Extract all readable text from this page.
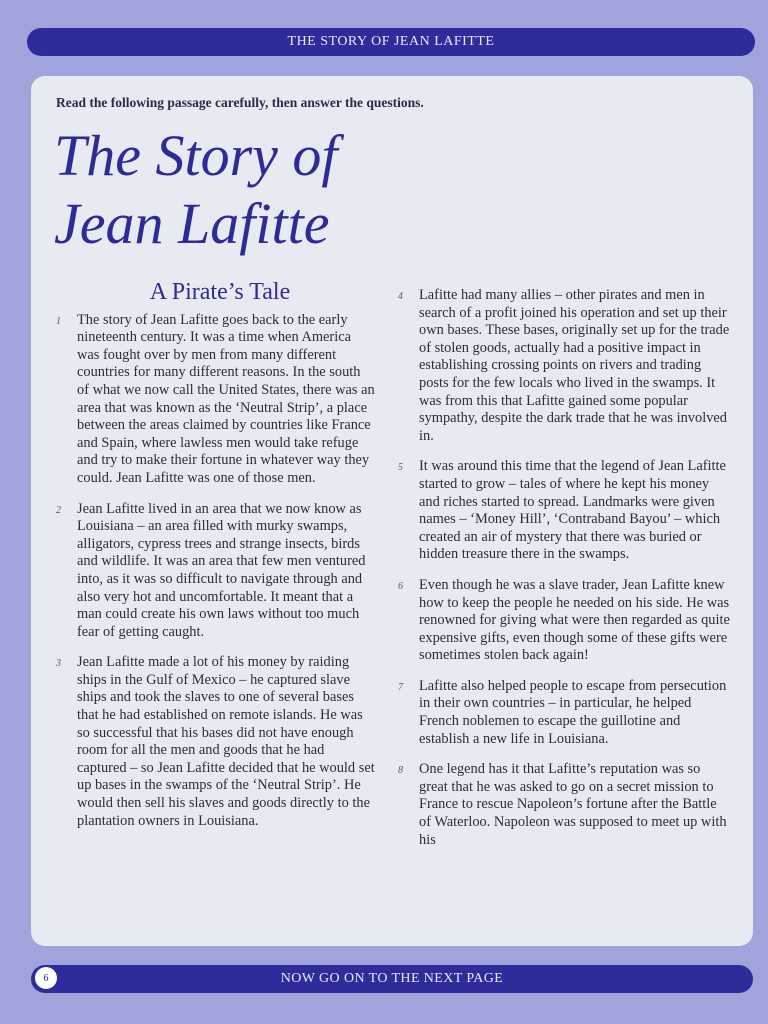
THE STORY OF JEAN LAFITTE
Read the following passage carefully, then answer the questions.
The Story of
Jean Lafitte
A Pirate’s Tale

1	The story of Jean Lafitte goes back to the early nineteenth century. It was a time when America was fought over by men from many different countries for many different reasons. In the south of what we now call the United States, there was an area that was known as the ‘Neutral Strip’, a place between the areas claimed by countries like France and Spain, where lawless men would take refuge and try to make their fortune in whatever way they could. Jean Lafitte was one of those men.

2	Jean Lafitte lived in an area that we now know as Louisiana – an area filled with murky swamps, alligators, cypress trees and strange insects, birds and wildlife. It was an area that few men ventured into, as it was so difficult to navigate through and also very hot and uncomfortable. It meant that a man could create his own laws without too much fear of getting caught.

3	Jean Lafitte made a lot of his money by raiding ships in the Gulf of Mexico – he captured slave ships and took the slaves to one of several bases that he had established on remote islands. He was so successful that his bases did not have enough room for all the men and goods that he had captured – so Jean Lafitte decided that he would set up bases in the swamps of the ‘Neutral Strip’. He would then sell his slaves and goods directly to the plantation owners in Louisiana.

4	Lafitte had many allies – other pirates and men in search of a profit joined his operation and set up their own bases. These bases, originally set up for the trade of stolen goods, actually had a positive impact in establishing crossing points on rivers and trading posts for the few locals who lived in the swamps. It was from this that Lafitte gained some popular sympathy, despite the dark trade that he was involved in.

5	It was around this time that the legend of Jean Lafitte started to grow – tales of where he kept his money and riches started to spread. Landmarks were given names – ‘Money Hill’, ‘Contraband Bayou’ – which created an air of mystery that there was buried or hidden treasure there in the swamps.

6	Even though he was a slave trader, Jean Lafitte knew how to keep the people he needed on his side. He was renowned for giving what were then regarded as quite expensive gifts, even though some of these gifts were sometimes stolen back again!

7	Lafitte also helped people to escape from persecution in their own countries – in particular, he helped French noblemen to escape the guillotine and establish a new life in Louisiana.

8	One legend has it that Lafitte’s reputation was so great that he was asked to go on a secret mission to France to rescue Napoleon’s fortune after the Battle of Waterloo. Napoleon was supposed to meet up with his

NOW GO ON TO THE NEXT PAGE
6
